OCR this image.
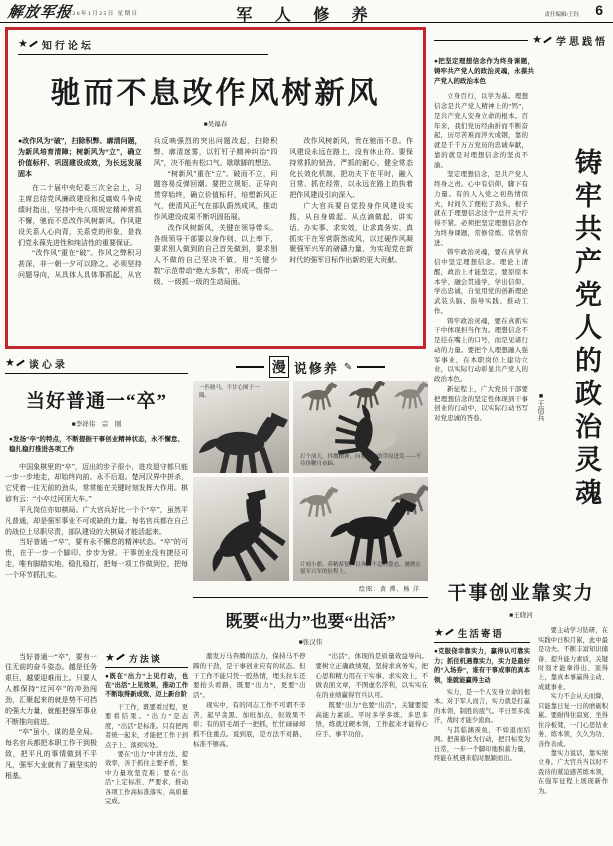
解放军报
2026年1月25日 星期日	军 人 修 养	责任编辑/王钰 6
★ 知行论坛
驰而不息改作风树新风
■吴福春

●改作风为“破”，扫除积弊、廓清问题，为新风培育清障；树新风为“立”，确立价值标杆、巩固建设成效，为长远发展固本

在二十届中央纪委三次全会上，习主席总结党风廉政建设和反腐败斗争成绩时指出，坚持中央八项规定精神常抓不懈，驰而不息改作风树新风。作风建设关系人心向背，关系党的形象，是我们党永葆先进性和纯洁性的重要保证。

“改作风”重在“破”。作风之弊积习甚深，非一朝一夕可以除之。必须坚持问题导向，从具体人具体事抓起，从官兵反映强烈的突出问题改起，扫除积弊、廓清迷雾，以钉钉子精神纠治“四风”，决不能有松口气、歇歇脚的想法。

“树新风”重在“立”。破而不立，问题容易反弹回潮。要把立规矩、正导向贯穿始终，确立价值标杆，培塑新风正气，使清风正气在部队蔚然成风，推动作风建设成果不断巩固拓展。

改作风树新风，关键在领导带头。各级领导干部要以身作则、以上率下，要求别人做到的自己首先做到，要求别人不做的自己坚决不做，用“关键少数”示范带动“绝大多数”，形成一级带一级、一级抓一级的生动局面。

改作风树新风，贵在驰而不息。作风建设永远在路上，没有休止符。要保持常抓的韧劲、严抓的耐心，健全常态化长效化机制，把功夫下在平时，融入日常、抓在经常，以永远在路上的执着把作风建设引向深入。

广大官兵要自觉投身作风建设实践，从自身做起、从点滴做起，讲实话、办实事、求实效，让求真务实、真抓实干在军营蔚然成风，以过硬作风凝聚强军兴军的磅礴力量，为实现党在新时代的强军目标作出新的更大贡献。

★ 谈心录
当好普通一“卒”
■李祥伟　宗　刚
●发扬“卒”的特点，不断提振干事创业精神状态，永不懈怠、稳扎稳打推进各项工作

中国象棋里的“卒”，迈出的步子很小，进攻退守都只能一步一步地走，却始终向前、永不后退。楚河汉界中拼杀，它凭着一往无前的劲头，常常能在关键时刻发挥大作用。棋谚有云：“小卒过河顶大车。”

平凡岗位亦如棋局。广大官兵好比一个个“卒”，虽然平凡普通，却是强军事业不可或缺的力量。每名官兵都在自己的战位上尽职尽责，部队建设的大棋局才能活起来。

当好普通一“卒”，要有永不懈怠的精神状态。“卒”的可贵，在于一步一个脚印、步步为营。干事创业没有捷径可走，唯有脚踏实地、稳扎稳打，把每一项工作做到位，把每一个环节抓扎实。

当好普通一“卒”，要有一往无前的奋斗姿态。越是任务艰巨，越要迎难而上。只要人人都保持“过河卒”的冲劲闯劲，汇聚起来的就是势不可挡的强大力量，就能把强军事业不断推向前进。

“卒”虽小，谋的是全局。每名官兵都把本职工作干到极致，把平凡的事情做到不平凡，强军大业就有了最坚实的根基。

★ 方法谈
●既在“出力”上见行动，也在“出活”上见效果，推动工作不断取得新成效、迈上新台阶

干工作，既要看过程，更要看结果。“出力”是态度，“出活”是标准。只有把两者统一起来，才能把工作干到点子上、落到实处。

要在“出力”中讲方法、提效率，善于抓住主要矛盾，集中力量攻坚克难；要在“出活”上定标准、严要求，推动各项工作高标准落实、高质量完成。

漫 说修养 ✎
一匹骏马，不甘心囿于一隅。
打个滚儿，抖擞精神，向着心中的草原进发——不待扬鞭自奋蹄。
片刻小憩、养精蓄锐，以奔腾不息的姿态，驰骋在强军兴军的征程上。
绘图：黄 潭、杨 洋
既要“出力”也要“出活”
■张汉伟

激发万马奔腾的活力，保持马不停蹄的干劲，是干事创业应有的状态。但干工作不能只凭一腔热情，埋头拉车还要抬头看路，既要“出力”，更要“出活”。

现实中，有的同志工作不可谓不辛苦，起早贪黑、加班加点，但效果不彰；有的眉毛胡子一把抓，忙忙碌碌却抓不住重点。说到底，是方法不对路、标准不够高。

“出活”，体现的是质量效益导向。要树立正确政绩观，坚持求真务实，把心思和精力用在干实事、求实效上，不做表面文章，不图虚名浮利，以实实在在的业绩赢得官兵认可。

既要“出力”也要“出活”，关键要提高能力素质。平时多学多练、多思多悟，练就过硬本领，工作起来才能得心应手、事半功倍。

★ 学思践悟
●把坚定理想信念作为终身课题，铸牢共产党人的政治灵魂，永葆共产党人的政治本色

立身百行，以学为基。理想信念是共产党人精神上的“钙”，是共产党人安身立命的根本。百年来，我们党历经曲折而不断奋起，历尽苦难而淬火成钢，靠的就是千千万万党员的忠诚奉献，靠的就是对理想信念的坚贞不渝。

坚定理想信念，是共产党人终身之责。心中有信仰，脚下有力量。有的人入党之初热情似火，时间久了便松了劲头，根子就在于理想信念这个“总开关”拧得不紧。必须把坚定理想信念作为终身课题，常修常炼、常悟常进。

铸牢政治灵魂，要在真学真信中坚定理想信念。理论上清醒，政治上才能坚定。要原原本本学、融会贯通学，学出信仰、学出忠诚，自觉用党的创新理论武装头脑、指导实践、推动工作。

铸牢政治灵魂，要在真抓实干中体现担当作为。理想信念不是挂在嘴上的口号，而是见诸行动的力量。要把个人理想融入强军事业，在本职岗位上建功立业，以实际行动彰显共产党人的政治本色。

新征程上，广大党员干部要把理想信念的坚定性体现到干事创业的行动中，以实际行动书写对党忠诚的答卷。	■王信兵 铸牢共产党人的政治灵魂
干事创业靠实力
■王晓河
★ 生活寄语
●克服侥幸靠实力，赢得认可靠实力；抓住机遇靠实力，实力是最好的“入场券”，谁有干事成事的真本领，谁就能赢得主动

实力，是一个人安身立命的根本。对于军人而言，实力就是打赢的本领、制胜的底气。平日里多流汗，战时才能少流血。

与其临渊羡鱼，不如退而结网。把羡慕化为行动，把目标变为日常，一步一个脚印地积蓄力量，终能在机遇来临时脱颖而出。

要主动学习钻研，在实践中日积月累，此中最是功夫。不断丰富知识储备、提升能力素质，关键时刻才能拿得出、顶得上，靠真本事赢得主动、成就事业。

实力不会从天而降，只能靠日复一日的磨砺积累。要耐得住寂寞、坐得住冷板凳，一门心思钻业务、练本领，久久为功、善作善成。

靠实力说话，靠实绩立身。广大官兵当以时不我待的紧迫感苦练本领，在强军征程上展现新作为。
